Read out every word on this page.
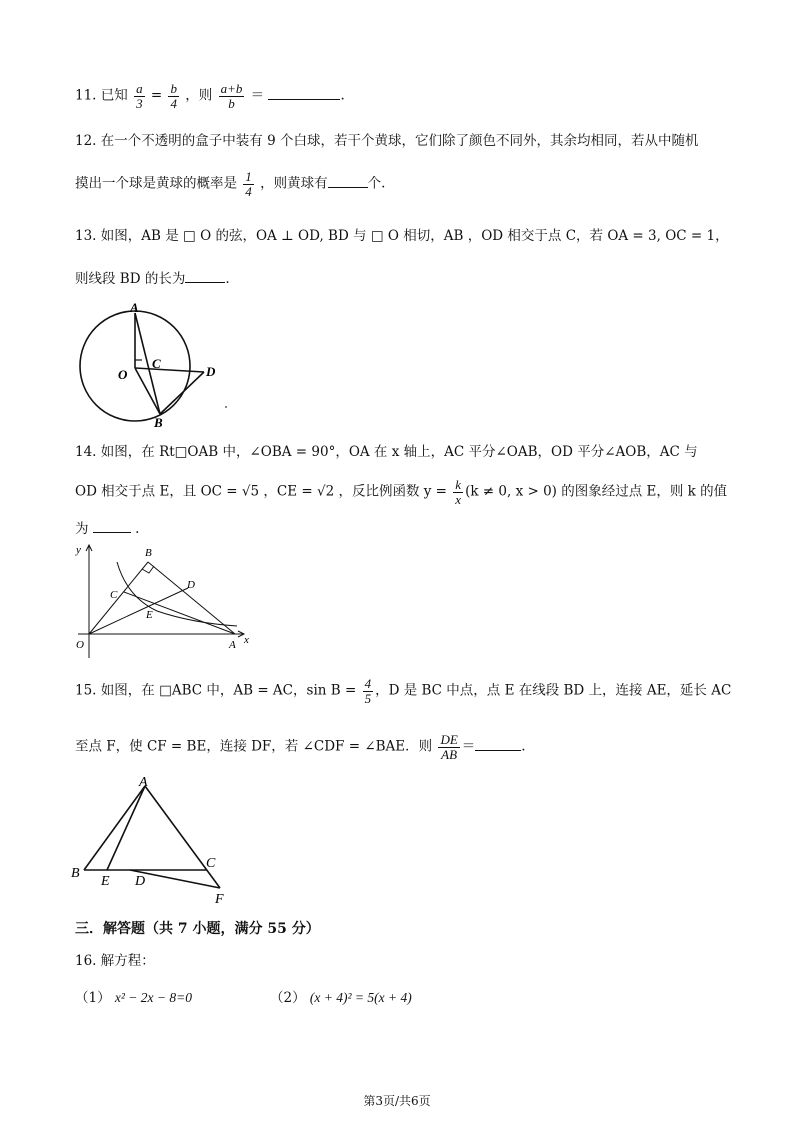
11. 已知 $\frac{a}{3} = \frac{b}{4}$ ，则 $\frac{a+b}{b}$ ＝	.
12. 在一个不透明的盒子中装有 9 个白球，若干个黄球，它们除了颜色不同外，其余均相同，若从中随机
摸出一个球是黄球的概率是 $\frac{1}{4}$ ，则黄球有	个.
13. 如图，AB 是 □ O 的弦，OA ⊥ OD, BD 与 □ O 相切，AB ，OD 相交于点 C，若 OA = 3, OC = 1，
则线段 BD 的长为	.
A
O
C
D
B
14. 如图，在 Rt□OAB 中，∠OBA = 90°，OA 在 x 轴上，AC 平分∠OAB，OD 平分∠AOB，AC 与
OD 相交于点 E，且 OC = √5 ，CE = √2 ，反比例函数 $y = \frac{k}{x} (k \ne 0$, x > 0) 的图象经过点 E，则 k 的值
为	.
y
x
O	A
B
C
D
E
15. 如图，在 □ABC 中，AB = AC，$\sin B = \frac{4}{5}$ ，D 是 BC 中点，点 E 在线段 BD 上，连接 AE，延长 AC
至点 F，使 CF = BE，连接 DF，若 ∠CDF = ∠BAE．则 $\frac{DE}{AB}$ ＝	.
A
B
C
E D
F
三．解答题（共 7 小题，满分 55 分）
16. 解方程：
（1） x² − 2x − 8=0	（2） (x + 4)² = 5(x + 4)
第3页/共6页
